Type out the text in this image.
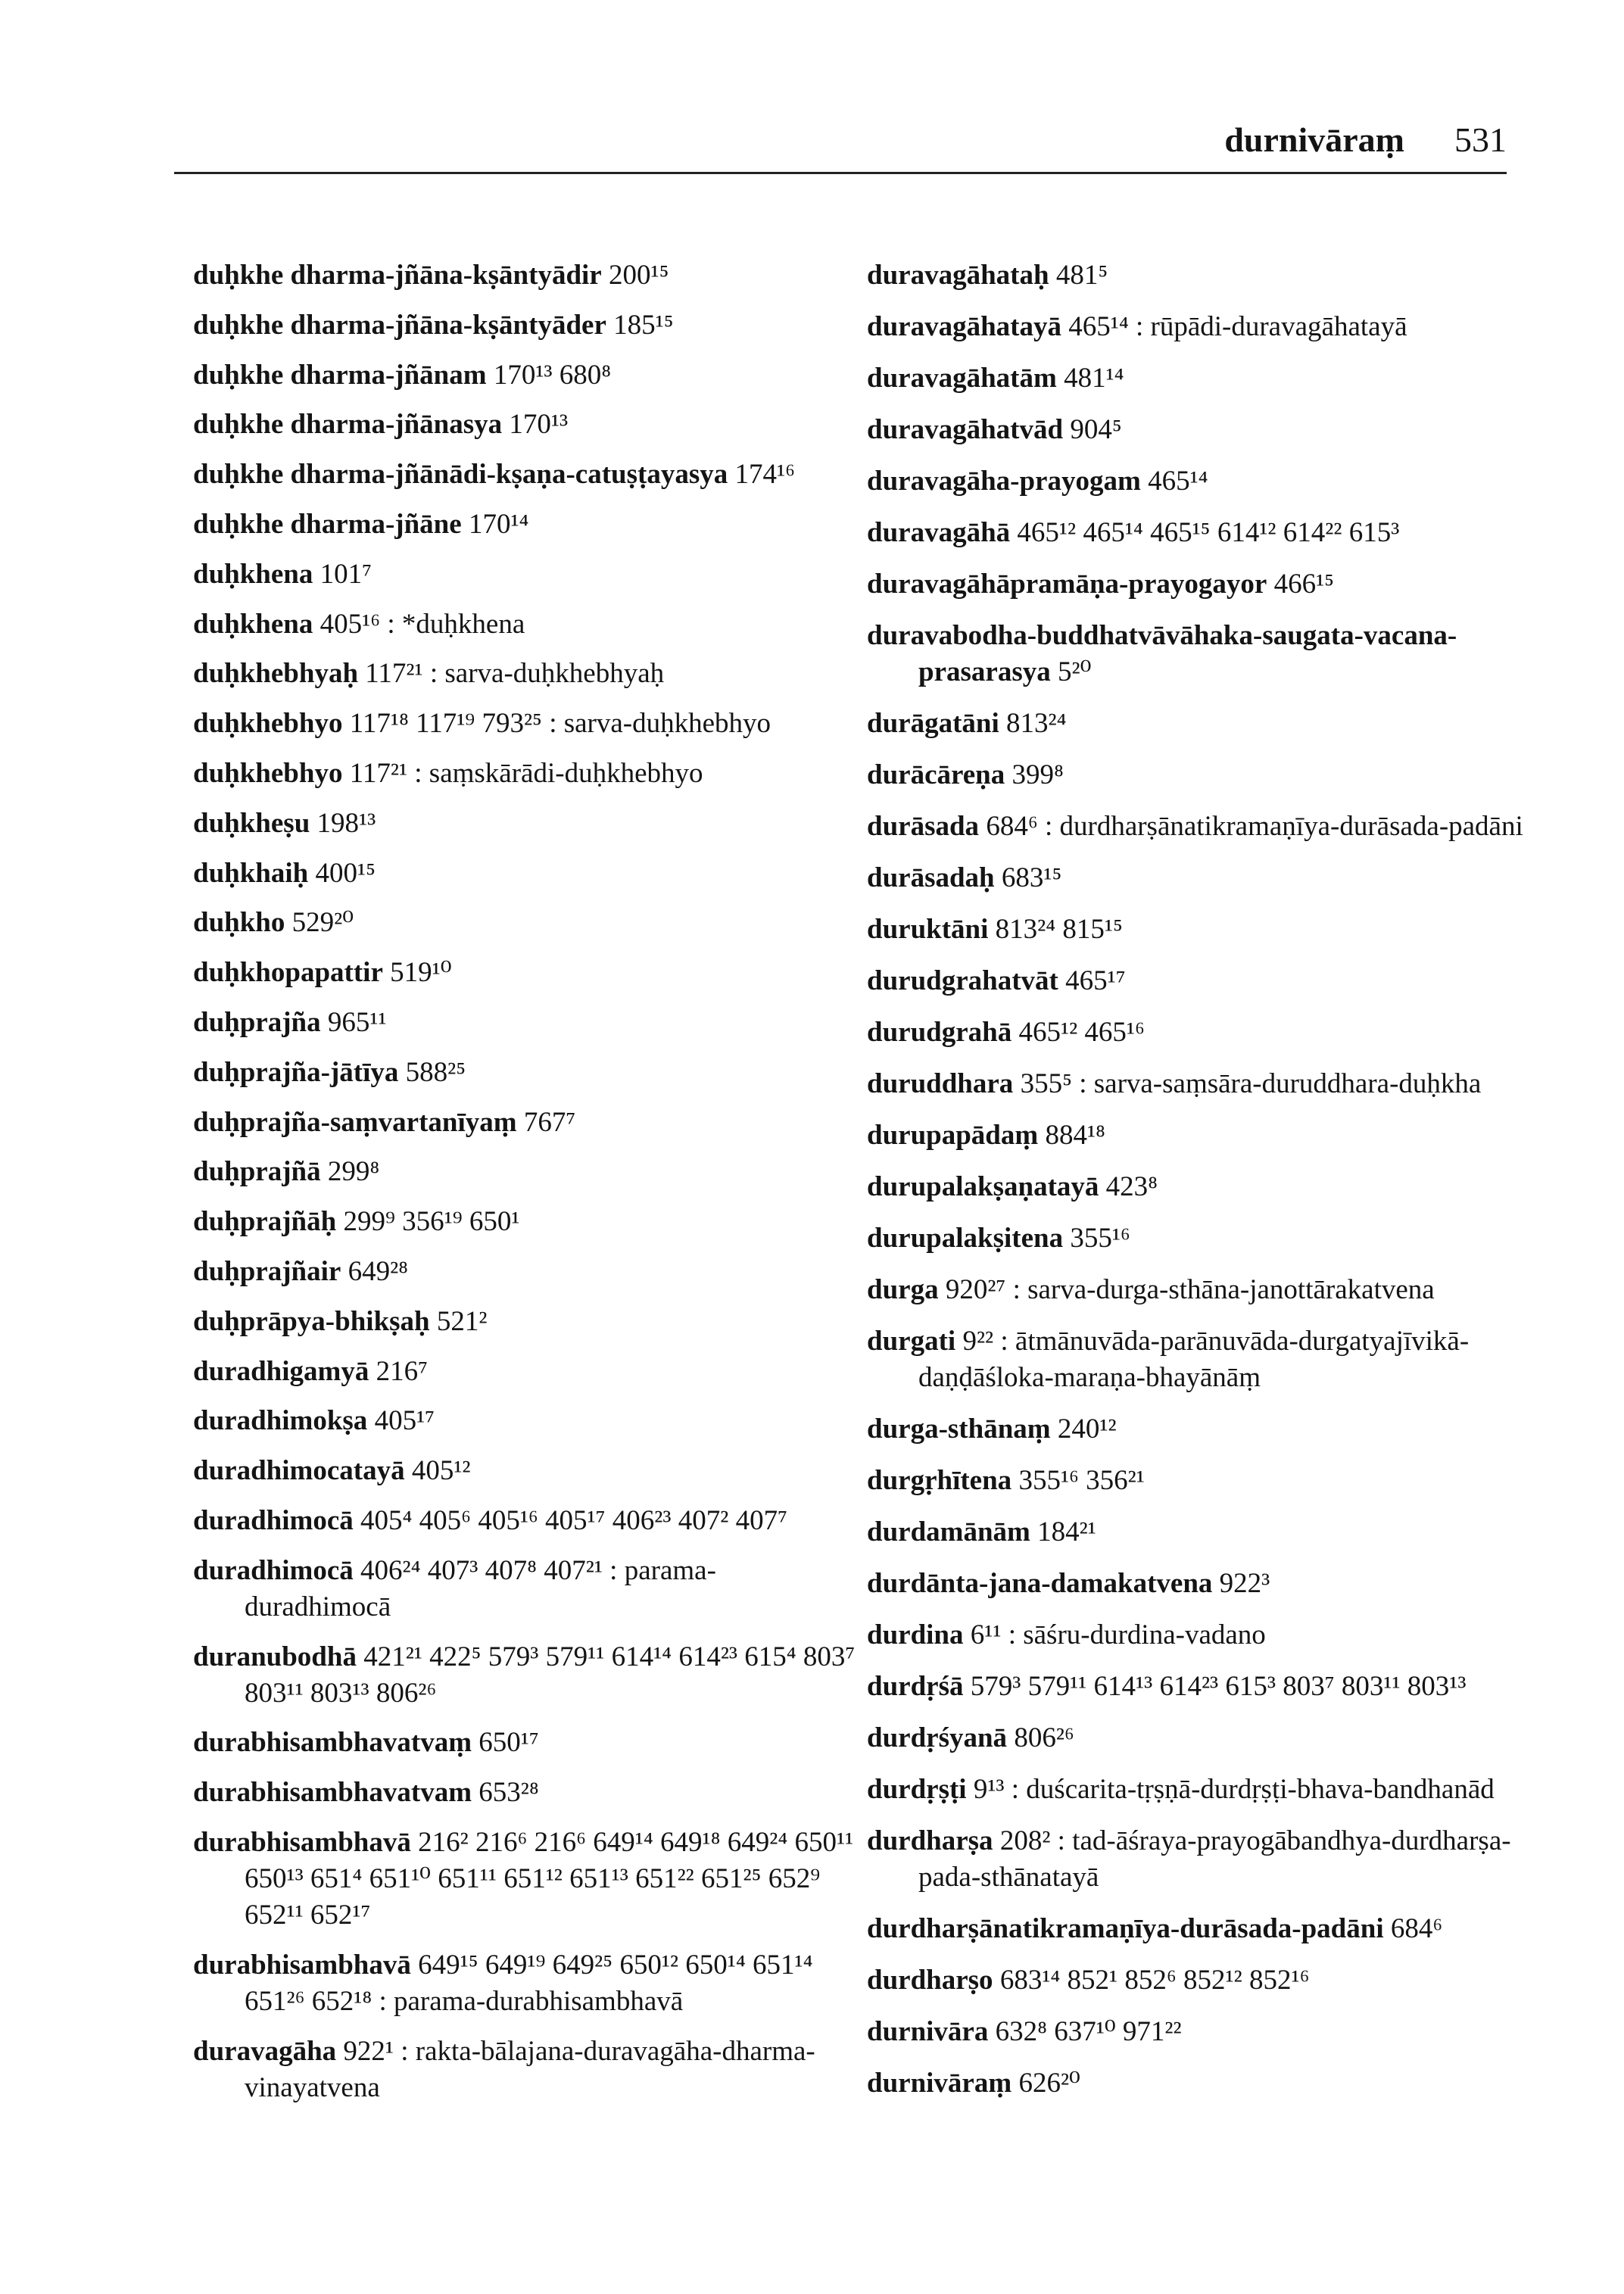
durnivāraṃ 531

duḥkhe dharma-jñāna-kṣāntyādir 200¹⁵

duḥkhe dharma-jñāna-kṣāntyāder 185¹⁵

duḥkhe dharma-jñānam 170¹³ 680⁸

duḥkhe dharma-jñānasya 170¹³

duḥkhe dharma-jñānādi-kṣaṇa-catuṣṭayasya 174¹⁶

duḥkhe dharma-jñāne 170¹⁴

duḥkhena 101⁷

duḥkhena 405¹⁶ : *duḥkhena

duḥkhebhyaḥ 117²¹ : sarva-duḥkhebhyaḥ

duḥkhebhyo 117¹⁸ 117¹⁹ 793²⁵ : sarva-duḥkhebhyo

duḥkhebhyo 117²¹ : saṃskārādi-duḥkhebhyo

duḥkheṣu 198¹³

duḥkhaiḥ 400¹⁵

duḥkho 529²⁰

duḥkhopapattir 519¹⁰

duḥprajña 965¹¹

duḥprajña-jātīya 588²⁵

duḥprajña-saṃvartanīyaṃ 767⁷

duḥprajñā 299⁸

duḥprajñāḥ 299⁹ 356¹⁹ 650¹

duḥprajñair 649²⁸

duḥprāpya-bhikṣaḥ 521²

duradhigamyā 216⁷

duradhimokṣa 405¹⁷

duradhimocatayā 405¹²

duradhimocā 405⁴ 405⁶ 405¹⁶ 405¹⁷ 406²³ 407² 407⁷

duradhimocā 406²⁴ 407³ 407⁸ 407²¹ : parama-duradhimocā

duranubodhā 421²¹ 422⁵ 579³ 579¹¹ 614¹⁴ 614²³ 615⁴ 803⁷ 803¹¹ 803¹³ 806²⁶

durabhisambhavatvaṃ 650¹⁷

durabhisambhavatvam 653²⁸

durabhisambhavā 216² 216⁶ 216⁶ 649¹⁴ 649¹⁸ 649²⁴ 650¹¹ 650¹³ 651⁴ 651¹⁰ 651¹¹ 651¹² 651¹³ 651²² 651²⁵ 652⁹ 652¹¹ 652¹⁷

durabhisambhavā 649¹⁵ 649¹⁹ 649²⁵ 650¹² 650¹⁴ 651¹⁴ 651²⁶ 652¹⁸ : parama-durabhisambhavā

duravagāha 922¹ : rakta-bālajana-duravagāha-dharma-vinayatvena

duravagāhataḥ 481⁵

duravagāhatayā 465¹⁴ : rūpādi-duravagāhatayā

duravagāhatām 481¹⁴

duravagāhatvād 904⁵

duravagāha-prayogam 465¹⁴

duravagāhā 465¹² 465¹⁴ 465¹⁵ 614¹² 614²² 615³

duravagāhāpramāṇa-prayogayor 466¹⁵

duravabodha-buddhatvāvāhaka-saugata-vacana-prasarasya 5²⁰

durāgatāni 813²⁴

durācāreṇa 399⁸

durāsada 684⁶ : durdharṣānatikramaṇīya-durāsada-padāni

durāsadaḥ 683¹⁵

duruktāni 813²⁴ 815¹⁵

durudgrahatvāt 465¹⁷

durudgrahā 465¹² 465¹⁶

duruddhara 355⁵ : sarva-saṃsāra-duruddhara-duḥkha

durupapādaṃ 884¹⁸

durupalakṣaṇatayā 423⁸

durupalakṣitena 355¹⁶

durga 920²⁷ : sarva-durga-sthāna-janottārakatvena

durgati 9²² : ātmānuvāda-parānuvāda-durgatyajīvikā-daṇḍāśloka-maraṇa-bhayānāṃ

durga-sthānaṃ 240¹²

durgṛhītena 355¹⁶ 356²¹

durdamānām 184²¹

durdānta-jana-damakatvena 922³

durdina 6¹¹ : sāśru-durdina-vadano

durdṛśā 579³ 579¹¹ 614¹³ 614²³ 615³ 803⁷ 803¹¹ 803¹³

durdṛśyanā 806²⁶

durdṛṣṭi 9¹³ : duścarita-tṛṣṇā-durdṛṣṭi-bhava-bandhanād

durdharṣa 208² : tad-āśraya-prayogābandhya-durdharṣa-pada-sthānatayā

durdharṣānatikramaṇīya-durāsada-padāni 684⁶

durdharṣo 683¹⁴ 852¹ 852⁶ 852¹² 852¹⁶

durnivāra 632⁸ 637¹⁰ 971²²

durnivāraṃ 626²⁰
